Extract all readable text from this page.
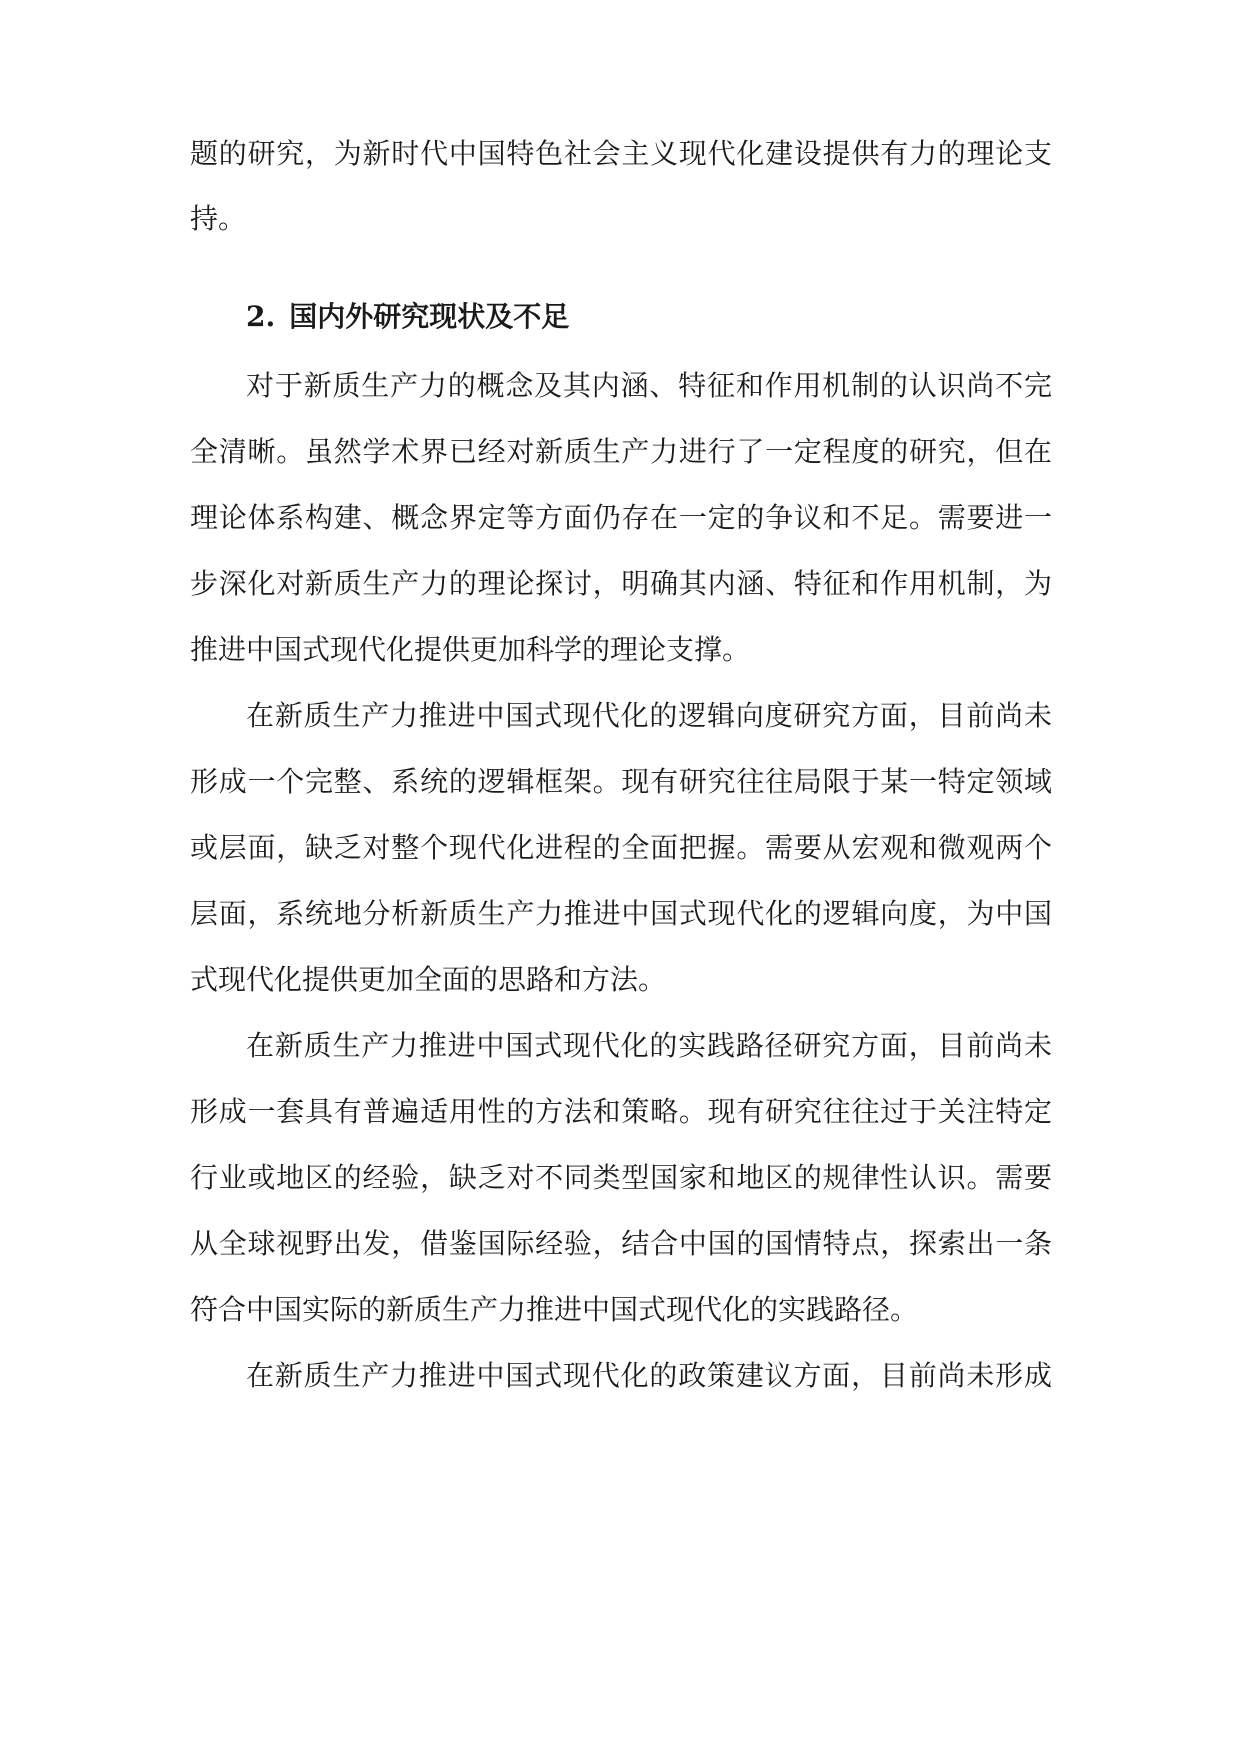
题的研究，为新时代中国特色社会主义现代化建设提供有力的理论支
持。
2. 国内外研究现状及不足
对于新质生产力的概念及其内涵、特征和作用机制的认识尚不完
全清晰。虽然学术界已经对新质生产力进行了一定程度的研究，但在
理论体系构建、概念界定等方面仍存在一定的争议和不足。需要进一
步深化对新质生产力的理论探讨，明确其内涵、特征和作用机制，为
推进中国式现代化提供更加科学的理论支撑。
在新质生产力推进中国式现代化的逻辑向度研究方面，目前尚未
形成一个完整、系统的逻辑框架。现有研究往往局限于某一特定领域
或层面，缺乏对整个现代化进程的全面把握。需要从宏观和微观两个
层面，系统地分析新质生产力推进中国式现代化的逻辑向度，为中国
式现代化提供更加全面的思路和方法。
在新质生产力推进中国式现代化的实践路径研究方面，目前尚未
形成一套具有普遍适用性的方法和策略。现有研究往往过于关注特定
行业或地区的经验，缺乏对不同类型国家和地区的规律性认识。需要
从全球视野出发，借鉴国际经验，结合中国的国情特点，探索出一条
符合中国实际的新质生产力推进中国式现代化的实践路径。
在新质生产力推进中国式现代化的政策建议方面，目前尚未形成
